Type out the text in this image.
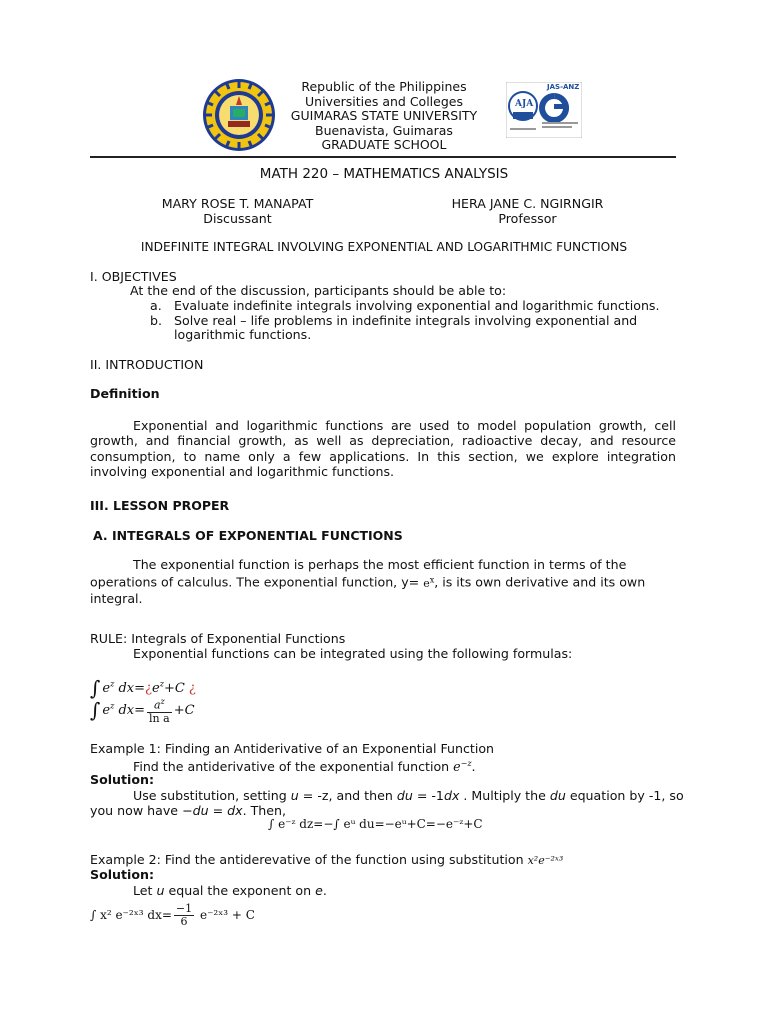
JAS-ANZ
AJA
Republic of the Philippines
Universities and Colleges
GUIMARAS STATE UNIVERSITY
Buenavista, Guimaras
GRADUATE SCHOOL
MATH 220 – MATHEMATICS ANALYSIS
MARY ROSE T. MANAPAT
Discussant
HERA JANE C. NGIRNGIR
Professor
INDEFINITE INTEGRAL INVOLVING EXPONENTIAL AND LOGARITHMIC FUNCTIONS
I. OBJECTIVES
At the end of the discussion, participants should be able to:
a. Evaluate indefinite integrals involving exponential and logarithmic functions.
b. Solve real – life problems in indefinite integrals involving exponential and
logarithmic functions.
II. INTRODUCTION
Definition
Exponential and logarithmic functions are used to model population growth, cell growth, and financial growth, as well as depreciation, radioactive decay, and resource consumption, to name only a few applications. In this section, we explore integration involving exponential and logarithmic functions.
III. LESSON PROPER
A. INTEGRALS OF EXPONENTIAL FUNCTIONS
The exponential function is perhaps the most efficient function in terms of the operations of calculus. The exponential function, $y= e^x$, is its own derivative and its own integral.
RULE: Integrals of Exponential Functions
Exponential functions can be integrated using the following formulas:
∫ $e^z$ $dx=¿e^z+C$ ¿
∫ $e^z$ $dx= \frac{a^z}{\text{ln a}} +C$
Example 1: Finding an Antiderivative of an Exponential Function
Find the antiderivative of the exponential function $e^{-z}$.
Solution:
Use substitution, setting u = -z, and then du = -1dx . Multiply the du equation by -1, so
you now have −du = dx. Then,
∫ e⁻ᶻ dz=−∫ eᵘ du=−eᵘ+C=−e⁻ᶻ+C
Example 2: Find the antiderevative of the function using substitution x²e⁻²ˣ³
Solution:
Let u equal the exponent on e.
∫ x² e⁻²ˣ³ $dx= \frac{-1}{6}$ e⁻²ˣ³ + C
